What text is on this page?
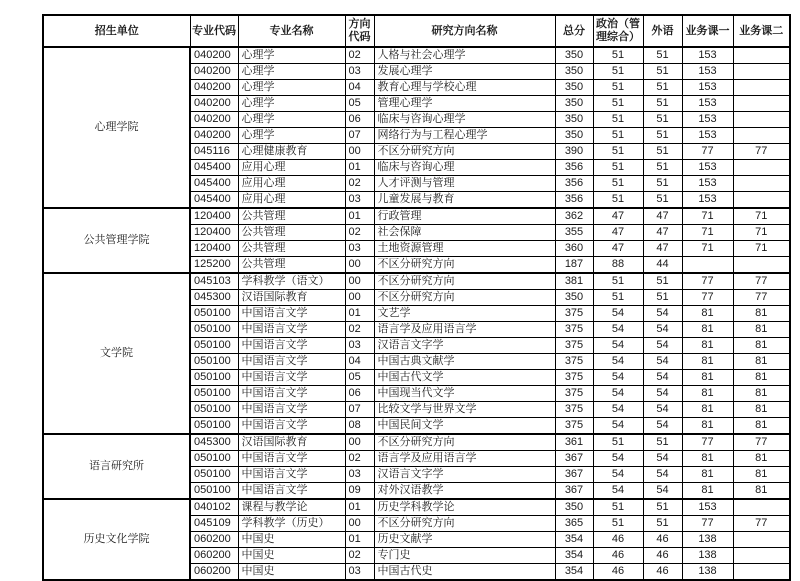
招生单位	专业代码	专业名称	方向代码	研究方向名称	总分	政治（管理综合）	外语	业务课一	业务课二
心理学院	040200	心理学	02	人格与社会心理学	350	51	51	153	
	040200	心理学	03	发展心理学	350	51	51	153	
	040200	心理学	04	教育心理与学校心理	350	51	51	153	
	040200	心理学	05	管理心理学	350	51	51	153	
	040200	心理学	06	临床与咨询心理学	350	51	51	153	
	040200	心理学	07	网络行为与工程心理学	350	51	51	153	
	045116	心理健康教育	00	不区分研究方向	390	51	51	77	77
	045400	应用心理	01	临床与咨询心理	356	51	51	153	
	045400	应用心理	02	人才评测与管理	356	51	51	153	
	045400	应用心理	03	儿童发展与教育	356	51	51	153	
公共管理学院	120400	公共管理	01	行政管理	362	47	47	71	71
	120400	公共管理	02	社会保障	355	47	47	71	71
	120400	公共管理	03	土地资源管理	360	47	47	71	71
	125200	公共管理	00	不区分研究方向	187	88	44		
文学院	045103	学科教学（语文）	00	不区分研究方向	381	51	51	77	77
	045300	汉语国际教育	00	不区分研究方向	350	51	51	77	77
	050100	中国语言文学	01	文艺学	375	54	54	81	81
	050100	中国语言文学	02	语言学及应用语言学	375	54	54	81	81
	050100	中国语言文学	03	汉语言文字学	375	54	54	81	81
	050100	中国语言文学	04	中国古典文献学	375	54	54	81	81
	050100	中国语言文学	05	中国古代文学	375	54	54	81	81
	050100	中国语言文学	06	中国现当代文学	375	54	54	81	81
	050100	中国语言文学	07	比较文学与世界文学	375	54	54	81	81
	050100	中国语言文学	08	中国民间文学	375	54	54	81	81
语言研究所	045300	汉语国际教育	00	不区分研究方向	361	51	51	77	77
	050100	中国语言文学	02	语言学及应用语言学	367	54	54	81	81
	050100	中国语言文学	03	汉语言文字学	367	54	54	81	81
	050100	中国语言文学	09	对外汉语教学	367	54	54	81	81
历史文化学院	040102	课程与教学论	01	历史学科教学论	350	51	51	153	
	045109	学科教学（历史）	00	不区分研究方向	365	51	51	77	77
	060200	中国史	01	历史文献学	354	46	46	138	
	060200	中国史	02	专门史	354	46	46	138	
	060200	中国史	03	中国古代史	354	46	46	138	
